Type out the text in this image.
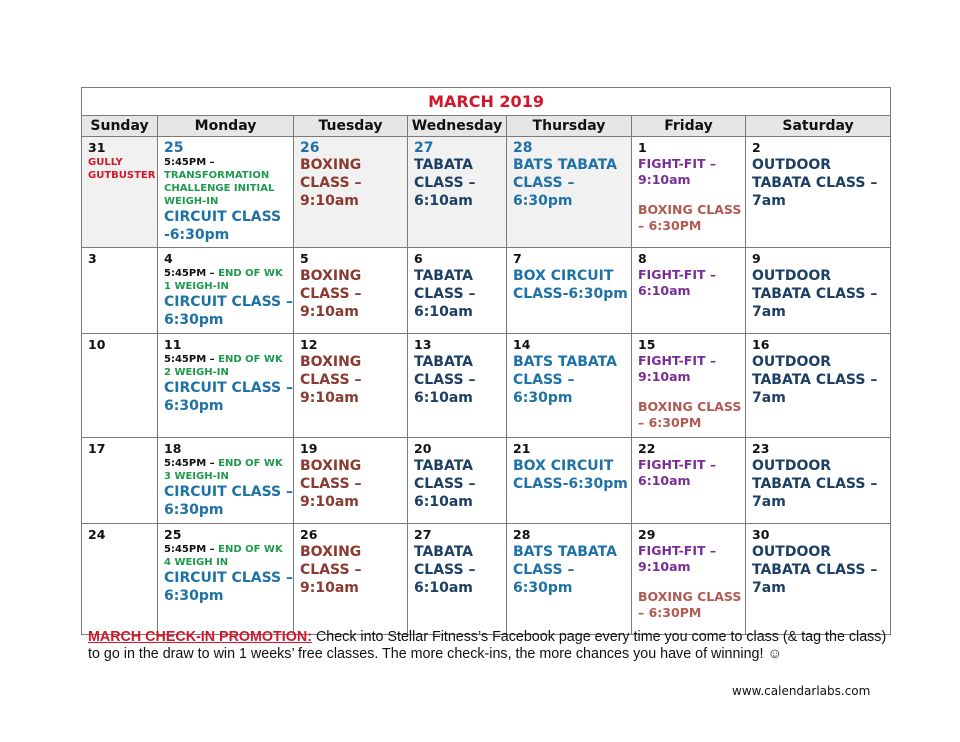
MARCH 2019						
Sunday	Monday	Tuesday	Wednesday	Thursday	Friday	Saturday

31
GULLY GUTBUSTER	25
5:45PM – TRANSFORMATION CHALLENGE INITIAL WEIGH-IN
CIRCUIT CLASS -6:30pm	26
BOXING CLASS – 9:10am	27
TABATA CLASS – 6:10am	28
BATS TABATA CLASS – 6:30pm	1
FIGHT-FIT – 9:10am
BOXING CLASS – 6:30PM	2
OUTDOOR TABATA CLASS – 7am

3	4
5:45PM – END OF WK 1 WEIGH-IN
CIRCUIT CLASS – 6:30pm	5
BOXING CLASS – 9:10am	6
TABATA CLASS – 6:10am	7
BOX CIRCUIT CLASS-6:30pm	8
FIGHT-FIT – 6:10am	9
OUTDOOR TABATA CLASS – 7am

10	11
5:45PM – END OF WK 2 WEIGH-IN
CIRCUIT CLASS – 6:30pm	12
BOXING CLASS – 9:10am	13
TABATA CLASS – 6:10am	14
BATS TABATA CLASS – 6:30pm	15
FIGHT-FIT – 9:10am
BOXING CLASS – 6:30PM	16
OUTDOOR TABATA CLASS – 7am

17	18
5:45PM – END OF WK 3 WEIGH-IN
CIRCUIT CLASS – 6:30pm	19
BOXING CLASS – 9:10am	20
TABATA CLASS – 6:10am	21
BOX CIRCUIT CLASS-6:30pm	22
FIGHT-FIT – 6:10am	23
OUTDOOR TABATA CLASS – 7am

24	25
5:45PM – END OF WK 4 WEIGH IN
CIRCUIT CLASS – 6:30pm	26
BOXING CLASS – 9:10am	27
TABATA CLASS – 6:10am	28
BATS TABATA CLASS – 6:30pm	29
FIGHT-FIT – 9:10am
BOXING CLASS – 6:30PM	30
OUTDOOR TABATA CLASS – 7am
MARCH CHECK-IN PROMOTION: Check into Stellar Fitness’s Facebook page every time you come to class (& tag the class) to go in the draw to win 1 weeks’ free classes. The more check-ins, the more chances you have of winning! ☺
www.calendarlabs.com
